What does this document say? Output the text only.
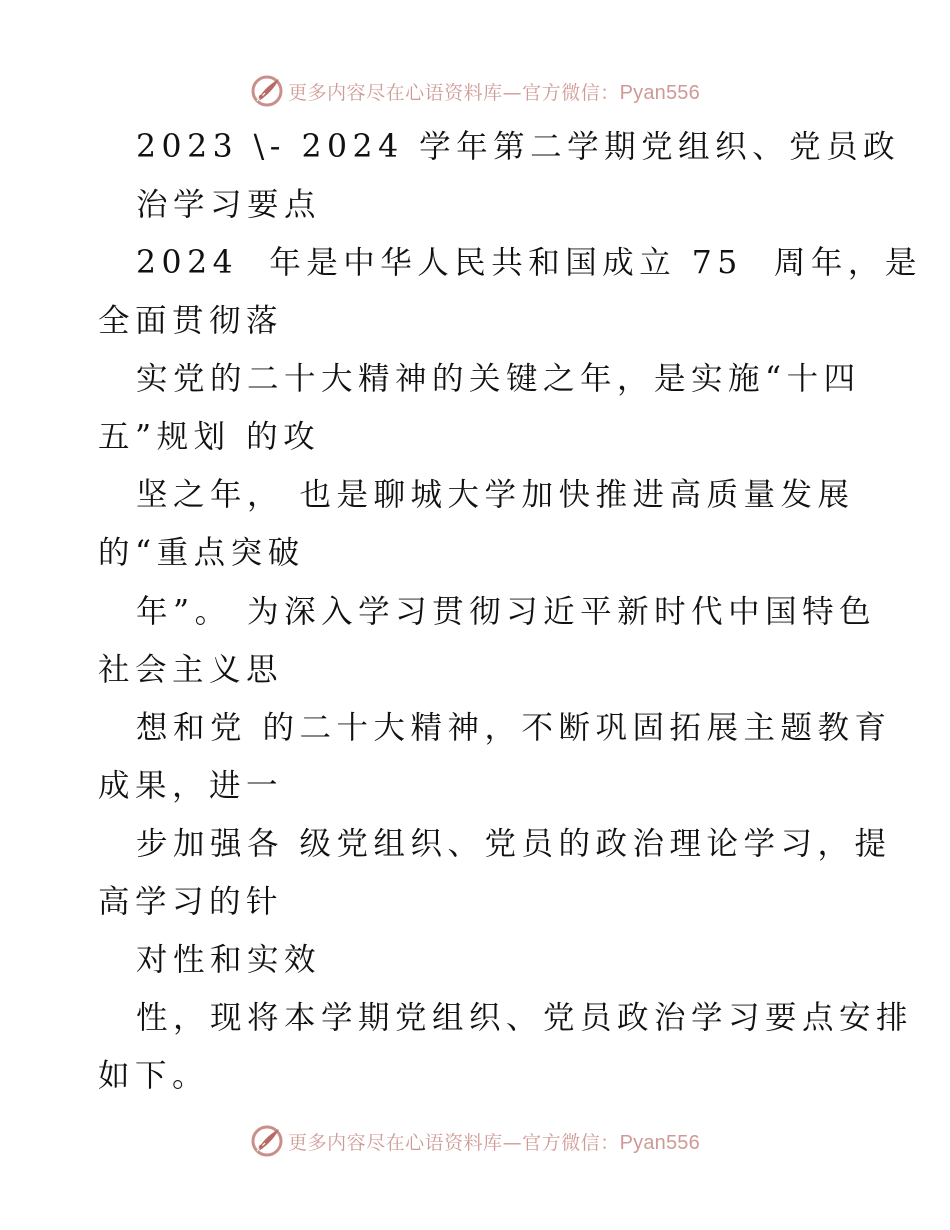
更多内容尽在心语资料库—官方微信：Pyan556
2023 \- 2024 学年第二学期党组织、党员政
治学习要点
2024  年是中华人民共和国成立 75  周年，是
全面贯彻落
实党的二十大精神的关键之年，是实施“十四
五”规划 的攻
坚之年， 也是聊城大学加快推进高质量发展
的“重点突破
年”。 为深入学习贯彻习近平新时代中国特色
社会主义思
想和党 的二十大精神，不断巩固拓展主题教育
成果，进一
步加强各 级党组织、党员的政治理论学习，提
高学习的针
对性和实效
性，现将本学期党组织、党员政治学习要点安排
如下。
更多内容尽在心语资料库—官方微信：Pyan556
